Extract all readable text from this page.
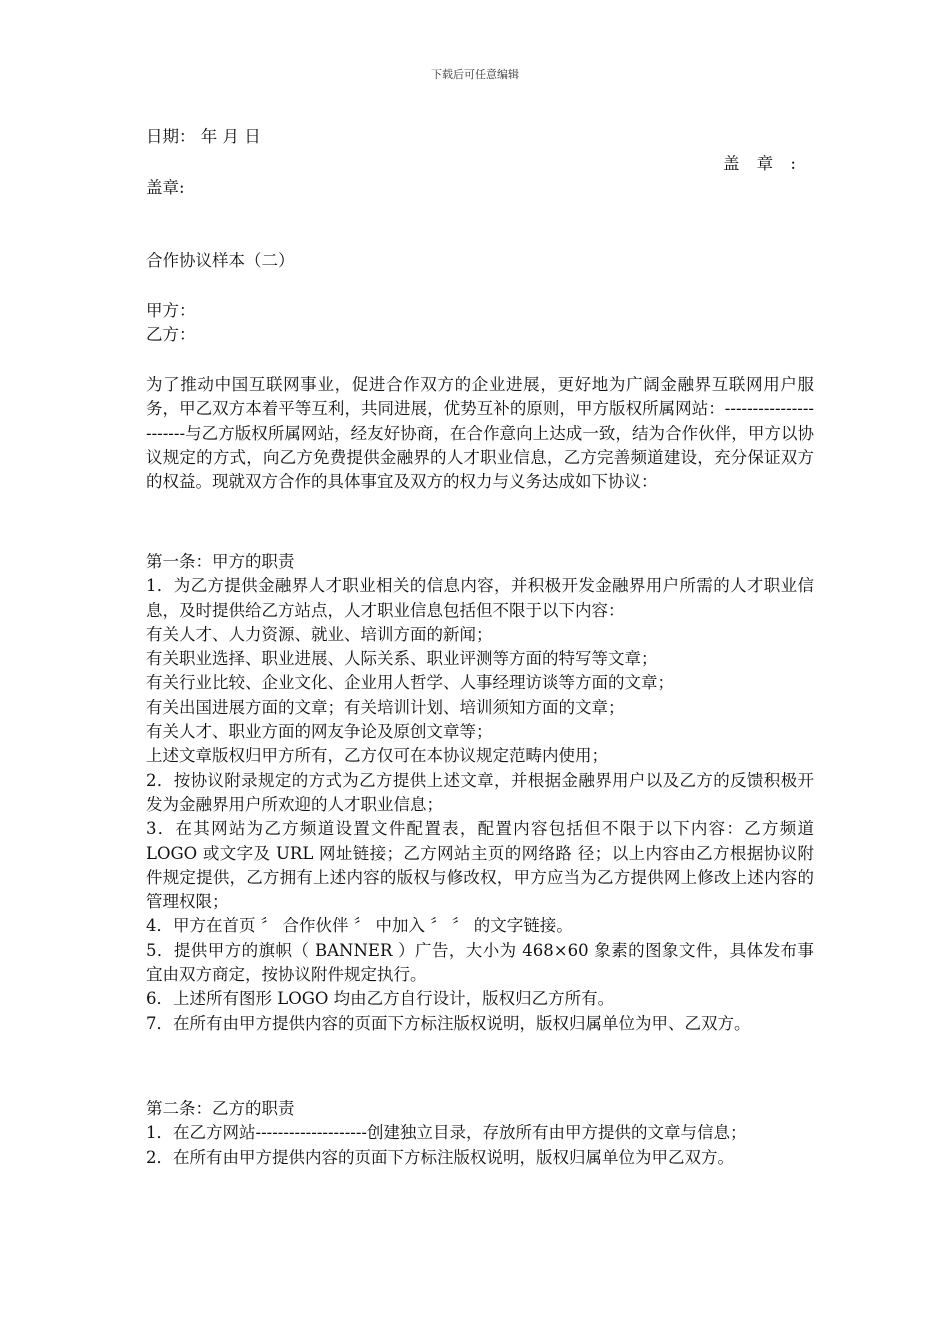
下载后可任意编辑
日期： 年 月 日
盖 章 :
盖章:
合作协议样本（二）
甲方：
乙方：

为了推动中国互联网事业，促进合作双方的企业进展，更好地为广阔金融界互联网用户服务，甲乙双方本着平等互利，共同进展，优势互补的原则，甲方版权所属网站：-----------------------与乙方版权所属网站，经友好协商，在合作意向上达成一致，结为合作伙伴，甲方以协议规定的方式，向乙方免费提供金融界的人才职业信息，乙方完善频道建设，充分保证双方的权益。现就双方合作的具体事宜及双方的权力与义务达成如下协议：

第一条：甲方的职责

1．为乙方提供金融界人才职业相关的信息内容，并积极开发金融界用户所需的人才职业信息，及时提供给乙方站点，人才职业信息包括但不限于以下内容：

有关人才、人力资源、就业、培训方面的新闻；

有关职业选择、职业进展、人际关系、职业评测等方面的特写等文章；

有关行业比较、企业文化、企业用人哲学、人事经理访谈等方面的文章；

有关出国进展方面的文章；有关培训计划、培训须知方面的文章；

有关人才、职业方面的网友争论及原创文章等；

上述文章版权归甲方所有，乙方仅可在本协议规定范畴内使用；

2．按协议附录规定的方式为乙方提供上述文章，并根据金融界用户以及乙方的反馈积极开发为金融界用户所欢迎的人才职业信息；

3．在其网站为乙方频道设置文件配置表，配置内容包括但不限于以下内容：乙方频道 LOGO 或文字及 URL 网址链接；乙方网站主页的网络路 径；以上内容由乙方根据协议附件规定提供，乙方拥有上述内容的版权与修改权，甲方应当为乙方提供网上修改上述内容的管理权限；

4．甲方在首页 〞 合作伙伴 〞 中加入 〞 〞 的文字链接。

5．提供甲方的旗帜（ BANNER ）广告，大小为 468×60 象素的图象文件，具体发布事宜由双方商定，按协议附件规定执行。

6．上述所有图形 LOGO 均由乙方自行设计，版权归乙方所有。

7．在所有由甲方提供内容的页面下方标注版权说明，版权归属单位为甲、乙双方。

第二条：乙方的职责

1．在乙方网站--------------------创建独立目录，存放所有由甲方提供的文章与信息；

2．在所有由甲方提供内容的页面下方标注版权说明，版权归属单位为甲乙双方。
